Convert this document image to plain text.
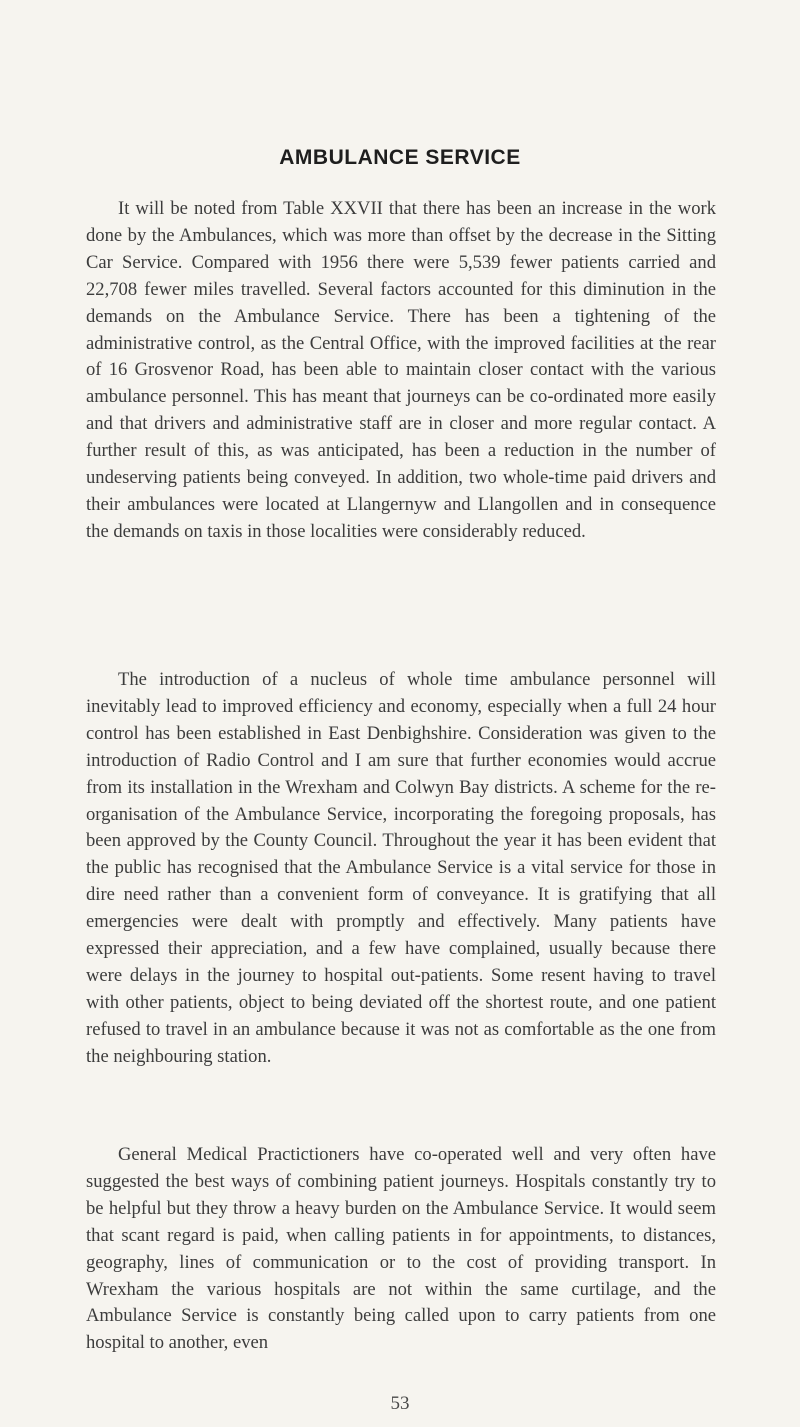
AMBULANCE SERVICE

It will be noted from Table XXVII that there has been an increase in the work done by the Ambulances, which was more than offset by the decrease in the Sitting Car Service. Compared with 1956 there were 5,539 fewer patients carried and 22,708 fewer miles travelled. Several factors accounted for this diminution in the demands on the Ambulance Service. There has been a tightening of the administrative control, as the Central Office, with the improved facilities at the rear of 16 Grosvenor Road, has been able to maintain closer contact with the various ambulance personnel. This has meant that journeys can be co-ordinated more easily and that drivers and administrative staff are in closer and more regular contact. A further result of this, as was anticipated, has been a reduction in the number of undeserving patients being conveyed. In addition, two whole-time paid drivers and their ambulances were located at Llangernyw and Llangollen and in consequence the demands on taxis in those localities were considerably reduced.

The introduction of a nucleus of whole time ambulance personnel will inevitably lead to improved efficiency and economy, especially when a full 24 hour control has been established in East Denbighshire. Consideration was given to the introduction of Radio Control and I am sure that further economies would accrue from its installation in the Wrexham and Colwyn Bay districts. A scheme for the re-organisation of the Ambulance Service, incorporating the foregoing proposals, has been approved by the County Council. Throughout the year it has been evident that the public has recognised that the Ambulance Service is a vital service for those in dire need rather than a convenient form of conveyance. It is gratifying that all emergencies were dealt with promptly and effectively. Many patients have expressed their appreciation, and a few have complained, usually because there were delays in the journey to hospital out-patients. Some resent having to travel with other patients, object to being deviated off the shortest route, and one patient refused to travel in an ambulance because it was not as comfortable as the one from the neighbouring station.

General Medical Practictioners have co-operated well and very often have suggested the best ways of combining patient journeys. Hospitals constantly try to be helpful but they throw a heavy burden on the Ambulance Service. It would seem that scant regard is paid, when calling patients in for appointments, to distances, geography, lines of communication or to the cost of providing transport. In Wrexham the various hospitals are not within the same curtilage, and the Ambulance Service is constantly being called upon to carry patients from one hospital to another, even

53
